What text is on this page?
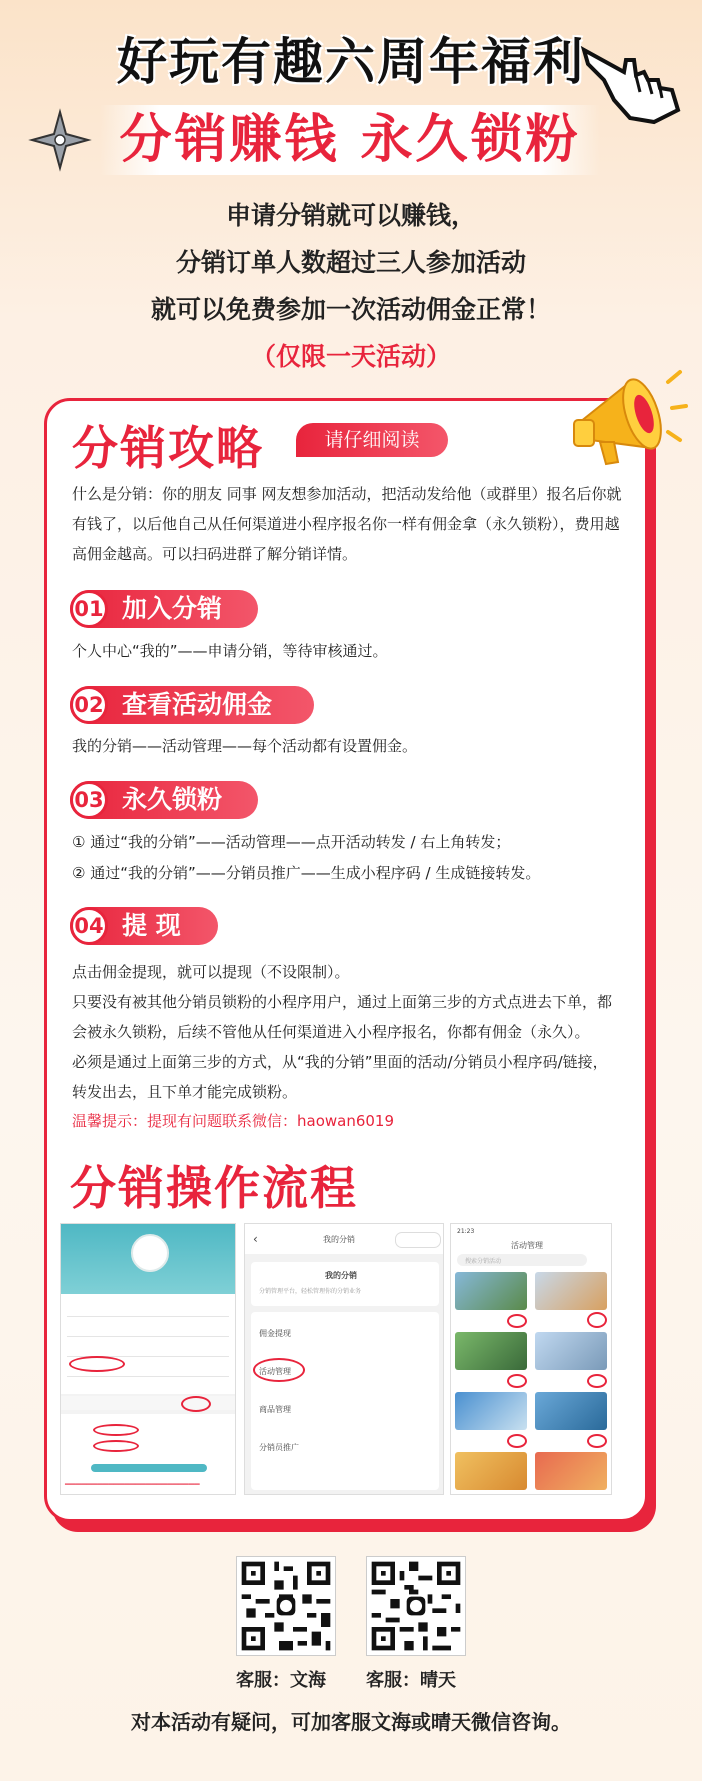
好玩有趣六周年福利
分销赚钱 永久锁粉
申请分销就可以赚钱，
分销订单人数超过三人参加活动
就可以免费参加一次活动佣金正常！
（仅限一天活动）
分销攻略	请仔细阅读
什么是分销：你的朋友 同事 网友想参加活动，把活动发给他（或群里）报名后你就
有钱了，以后他自己从任何渠道进小程序报名你一样有佣金拿（永久锁粉），费用越
高佣金越高。可以扫码进群了解分销详情。
01 加入分销
个人中心“我的”——申请分销，等待审核通过。
02 查看活动佣金
我的分销——活动管理——每个活动都有设置佣金。
03 永久锁粉
① 通过“我的分销”——活动管理——点开活动转发 / 右上角转发；
② 通过“我的分销”——分销员推广——生成小程序码 / 生成链接转发。
04 提 现
点击佣金提现，就可以提现（不设限制）。
只要没有被其他分销员锁粉的小程序用户，通过上面第三步的方式点进去下单，都
会被永久锁粉，后续不管他从任何渠道进入小程序报名，你都有佣金（永久）。
必须是通过上面第三步的方式，从“我的分销”里面的活动/分销员小程序码/链接，
转发出去，且下单才能完成锁粉。
温馨提示：提现有问题联系微信：haowan6019
分销操作流程
▁▁▁▁▁▁▁▁▁▁▁▁▁▁▁▁▁▁▁▁▁▁▁▁▁
‹	我的分销
我的分销
分销管理平台，轻松管理你的分销业务
佣金提现
活动管理
商品管理
分销员推广
21:23
活动管理
搜索分销活动
客服：文海 客服：晴天
对本活动有疑问，可加客服文海或晴天微信咨询。
